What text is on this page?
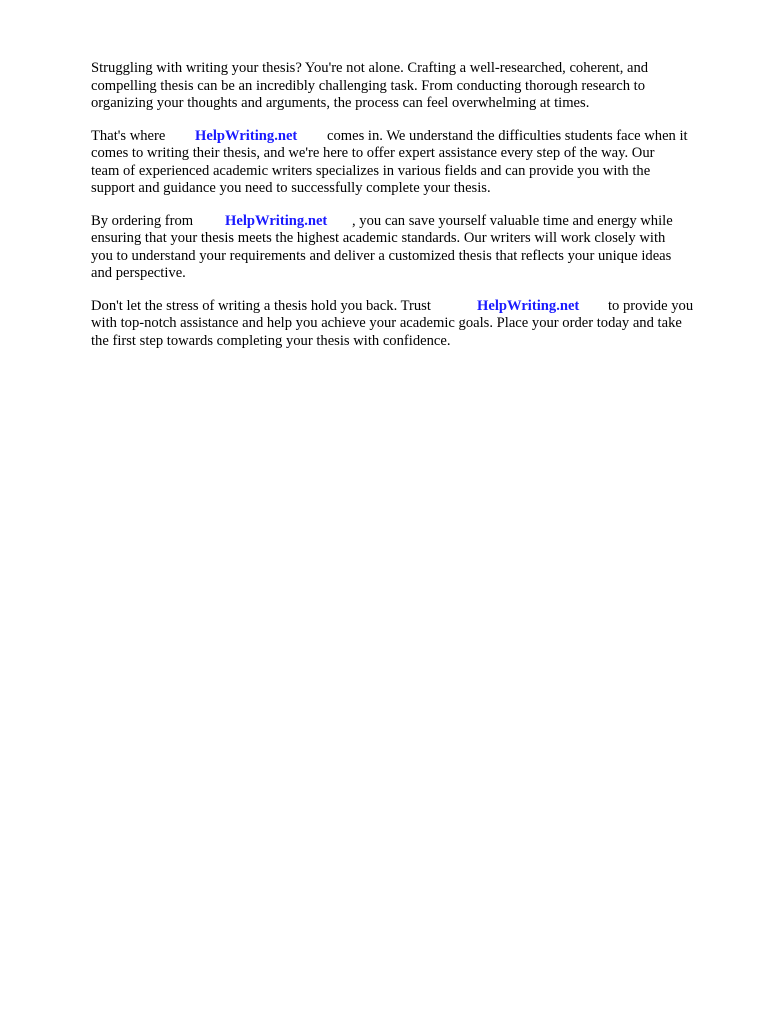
Struggling with writing your thesis? You're not alone. Crafting a well-researched, coherent, and
compelling thesis can be an incredibly challenging task. From conducting thorough research to
organizing your thoughts and arguments, the process can feel overwhelming at times.
That's where HelpWriting.net comes in. We understand the difficulties students face when it
comes to writing their thesis, and we're here to offer expert assistance every step of the way. Our
team of experienced academic writers specializes in various fields and can provide you with the
support and guidance you need to successfully complete your thesis.
By ordering from HelpWriting.net , you can save yourself valuable time and energy while
ensuring that your thesis meets the highest academic standards. Our writers will work closely with
you to understand your requirements and deliver a customized thesis that reflects your unique ideas
and perspective.
Don't let the stress of writing a thesis hold you back. Trust	HelpWriting.net to provide you
with top-notch assistance and help you achieve your academic goals. Place your order today and take
the first step towards completing your thesis with confidence.
